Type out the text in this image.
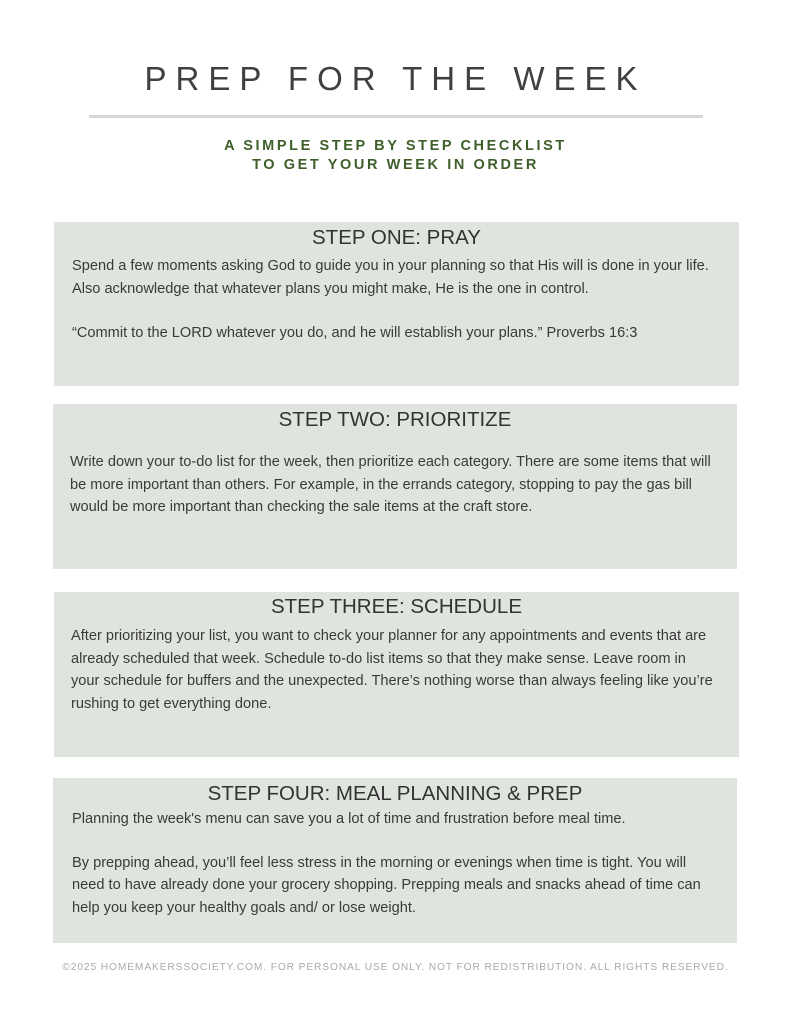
PREP FOR THE WEEK
A SIMPLE STEP BY STEP CHECKLIST
TO GET YOUR WEEK IN ORDER
STEP ONE: PRAY

Spend a few moments asking God to guide you in your planning so that His will is done in your life. Also acknowledge that whatever plans you might make, He is the one in control.

“Commit to the LORD whatever you do, and he will establish your plans.” Proverbs 16:3

STEP TWO: PRIORITIZE

Write down your to-do list for the week, then prioritize each category. There are some items that will be more important than others. For example, in the errands category, stopping to pay the gas bill would be more important than checking the sale items at the craft store.

STEP THREE: SCHEDULE

After prioritizing your list, you want to check your planner for any appointments and events that are already scheduled that week. Schedule to-do list items so that they make sense. Leave room in your schedule for buffers and the unexpected. There’s nothing worse than always feeling like you’re rushing to get everything done.

STEP FOUR: MEAL PLANNING & PREP

Planning the week's menu can save you a lot of time and frustration before meal time.

By prepping ahead, you’ll feel less stress in the morning or evenings when time is tight. You will need to have already done your grocery shopping. Prepping meals and snacks ahead of time can help you keep your healthy goals and/ or lose weight.

©2025 HOMEMAKERSSOCIETY.COM. FOR PERSONAL USE ONLY. NOT FOR REDISTRIBUTION. ALL RIGHTS RESERVED.
